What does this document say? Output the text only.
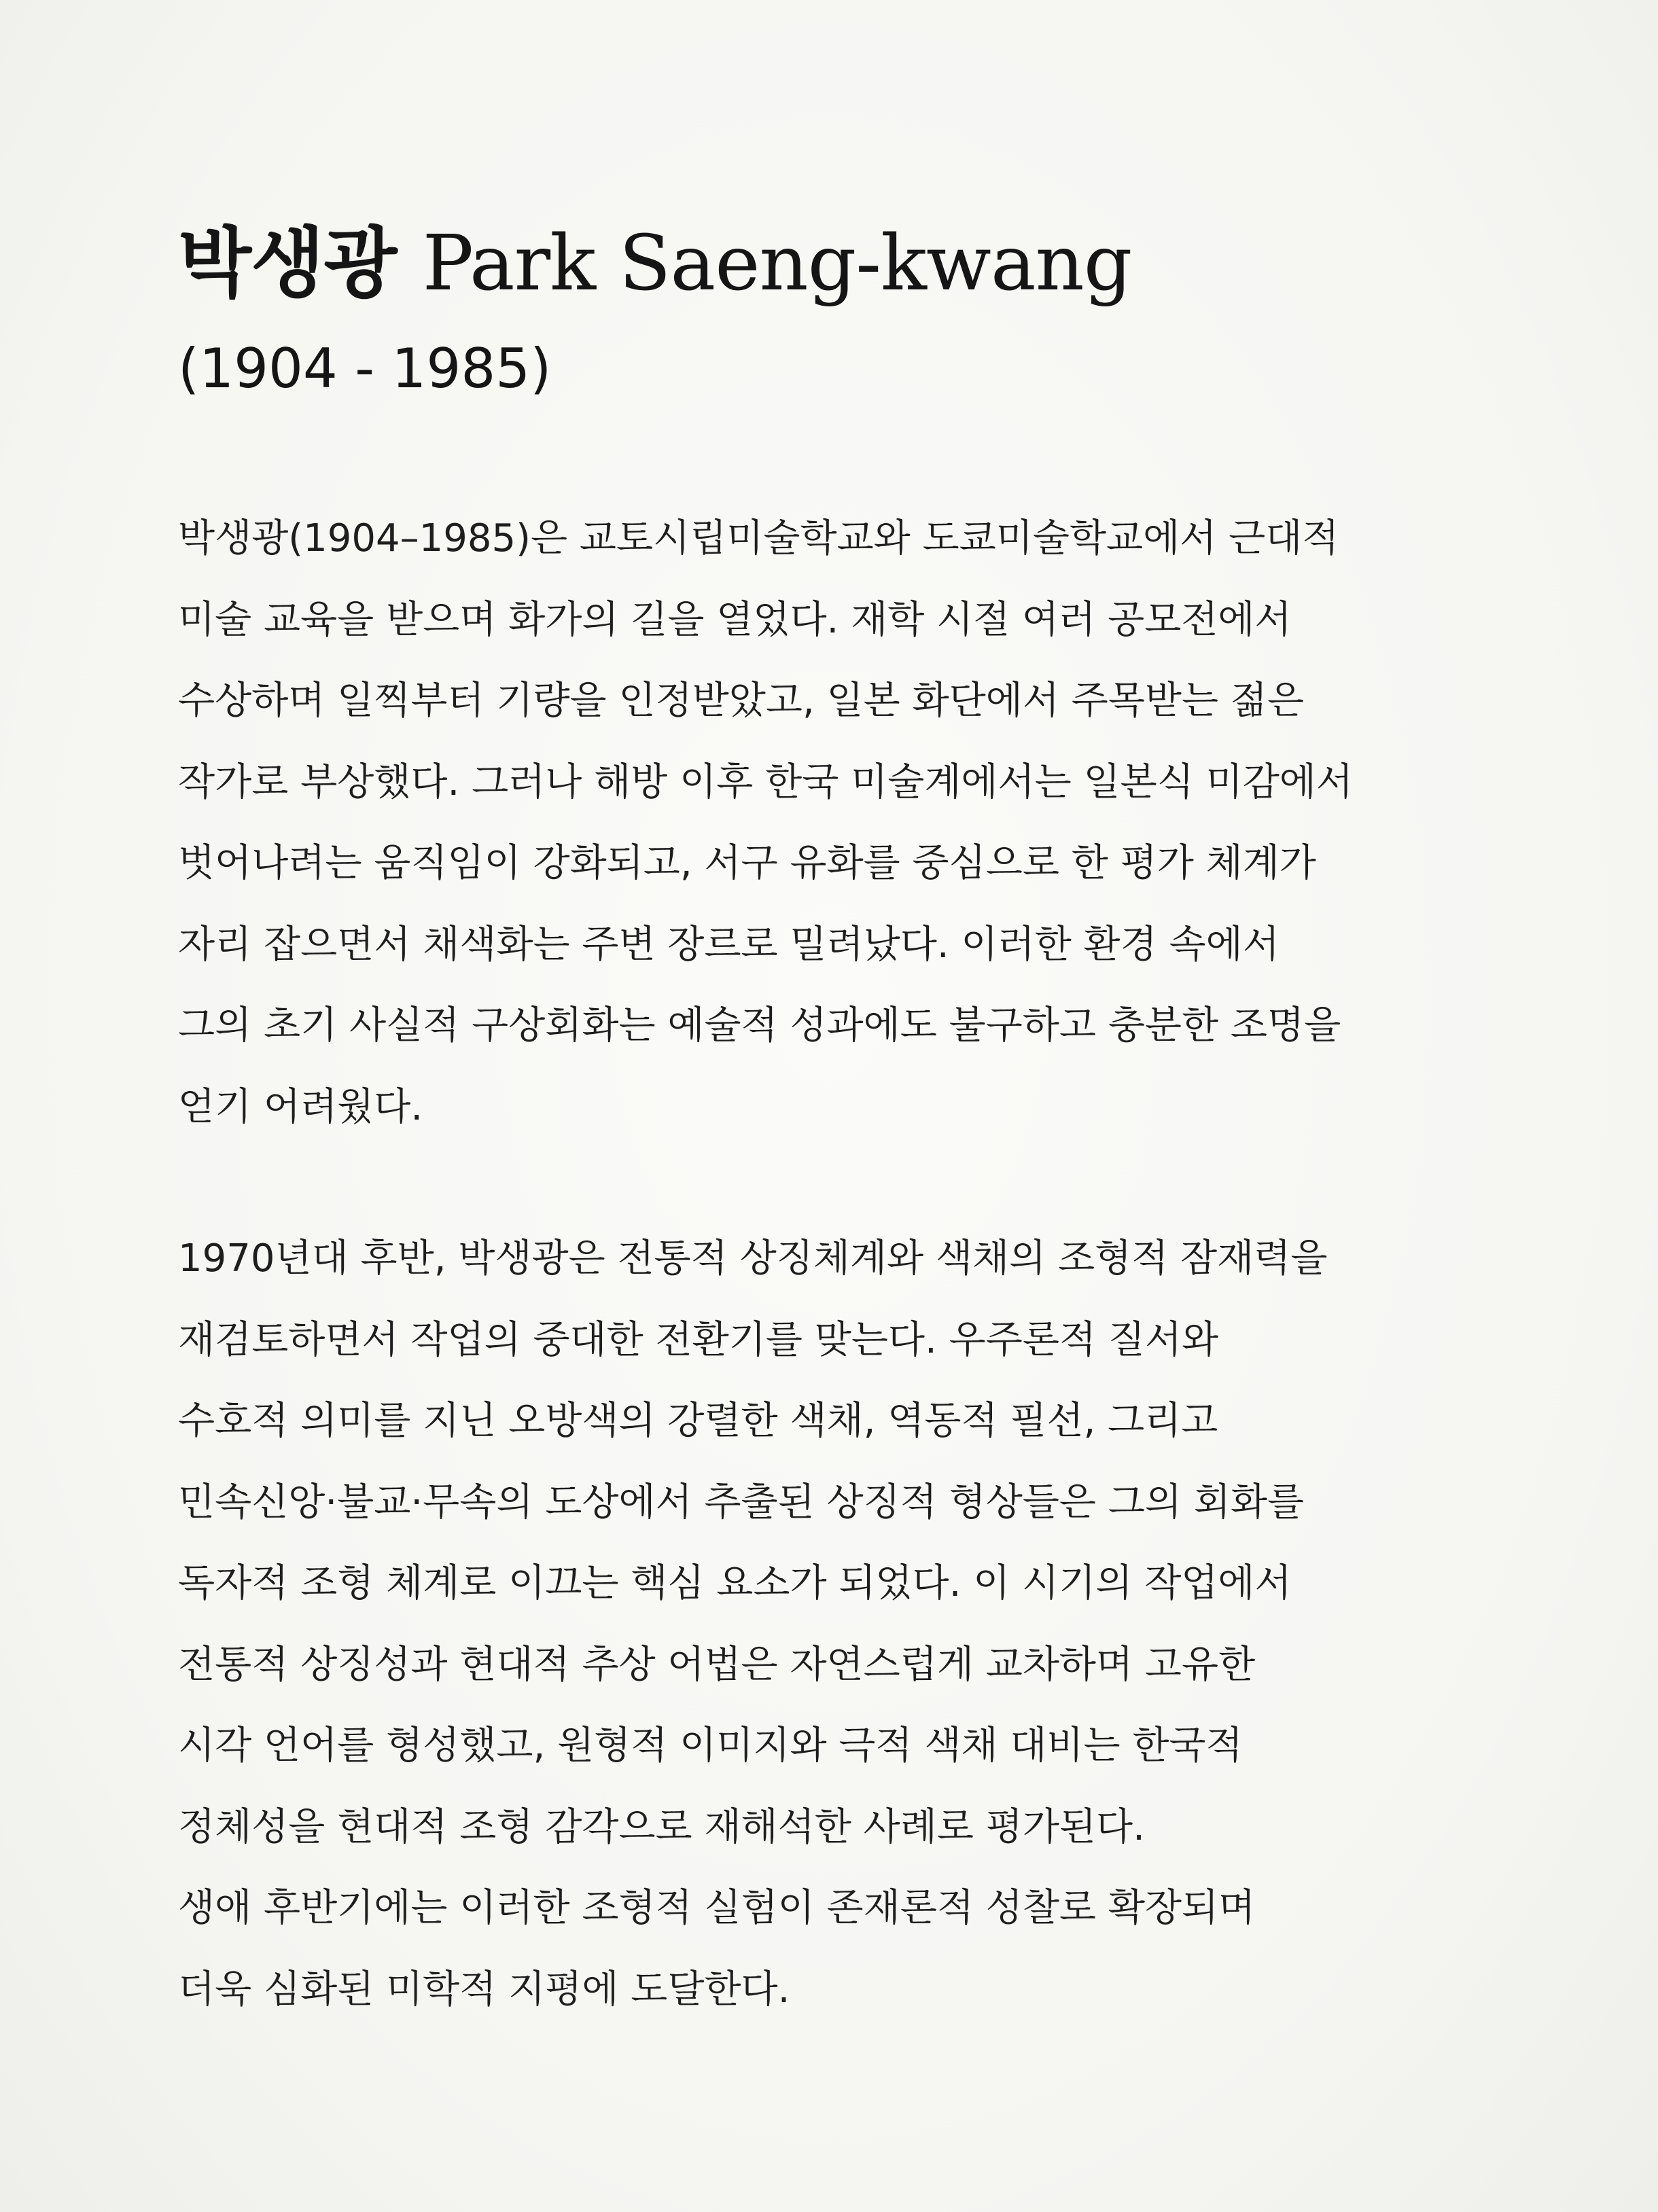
박생광 Park Saeng-kwang
(1904 - 1985)
박생광(1904–1985)은 교토시립미술학교와 도쿄미술학교에서 근대적
미술 교육을 받으며 화가의 길을 열었다. 재학 시절 여러 공모전에서
수상하며 일찍부터 기량을 인정받았고, 일본 화단에서 주목받는 젊은
작가로 부상했다. 그러나 해방 이후 한국 미술계에서는 일본식 미감에서
벗어나려는 움직임이 강화되고, 서구 유화를 중심으로 한 평가 체계가
자리 잡으면서 채색화는 주변 장르로 밀려났다. 이러한 환경 속에서
그의 초기 사실적 구상회화는 예술적 성과에도 불구하고 충분한 조명을
얻기 어려웠다.
1970년대 후반, 박생광은 전통적 상징체계와 색채의 조형적 잠재력을
재검토하면서 작업의 중대한 전환기를 맞는다. 우주론적 질서와
수호적 의미를 지닌 오방색의 강렬한 색채, 역동적 필선, 그리고
민속신앙·불교·무속의 도상에서 추출된 상징적 형상들은 그의 회화를
독자적 조형 체계로 이끄는 핵심 요소가 되었다. 이 시기의 작업에서
전통적 상징성과 현대적 추상 어법은 자연스럽게 교차하며 고유한
시각 언어를 형성했고, 원형적 이미지와 극적 색채 대비는 한국적
정체성을 현대적 조형 감각으로 재해석한 사례로 평가된다.
생애 후반기에는 이러한 조형적 실험이 존재론적 성찰로 확장되며
더욱 심화된 미학적 지평에 도달한다.
